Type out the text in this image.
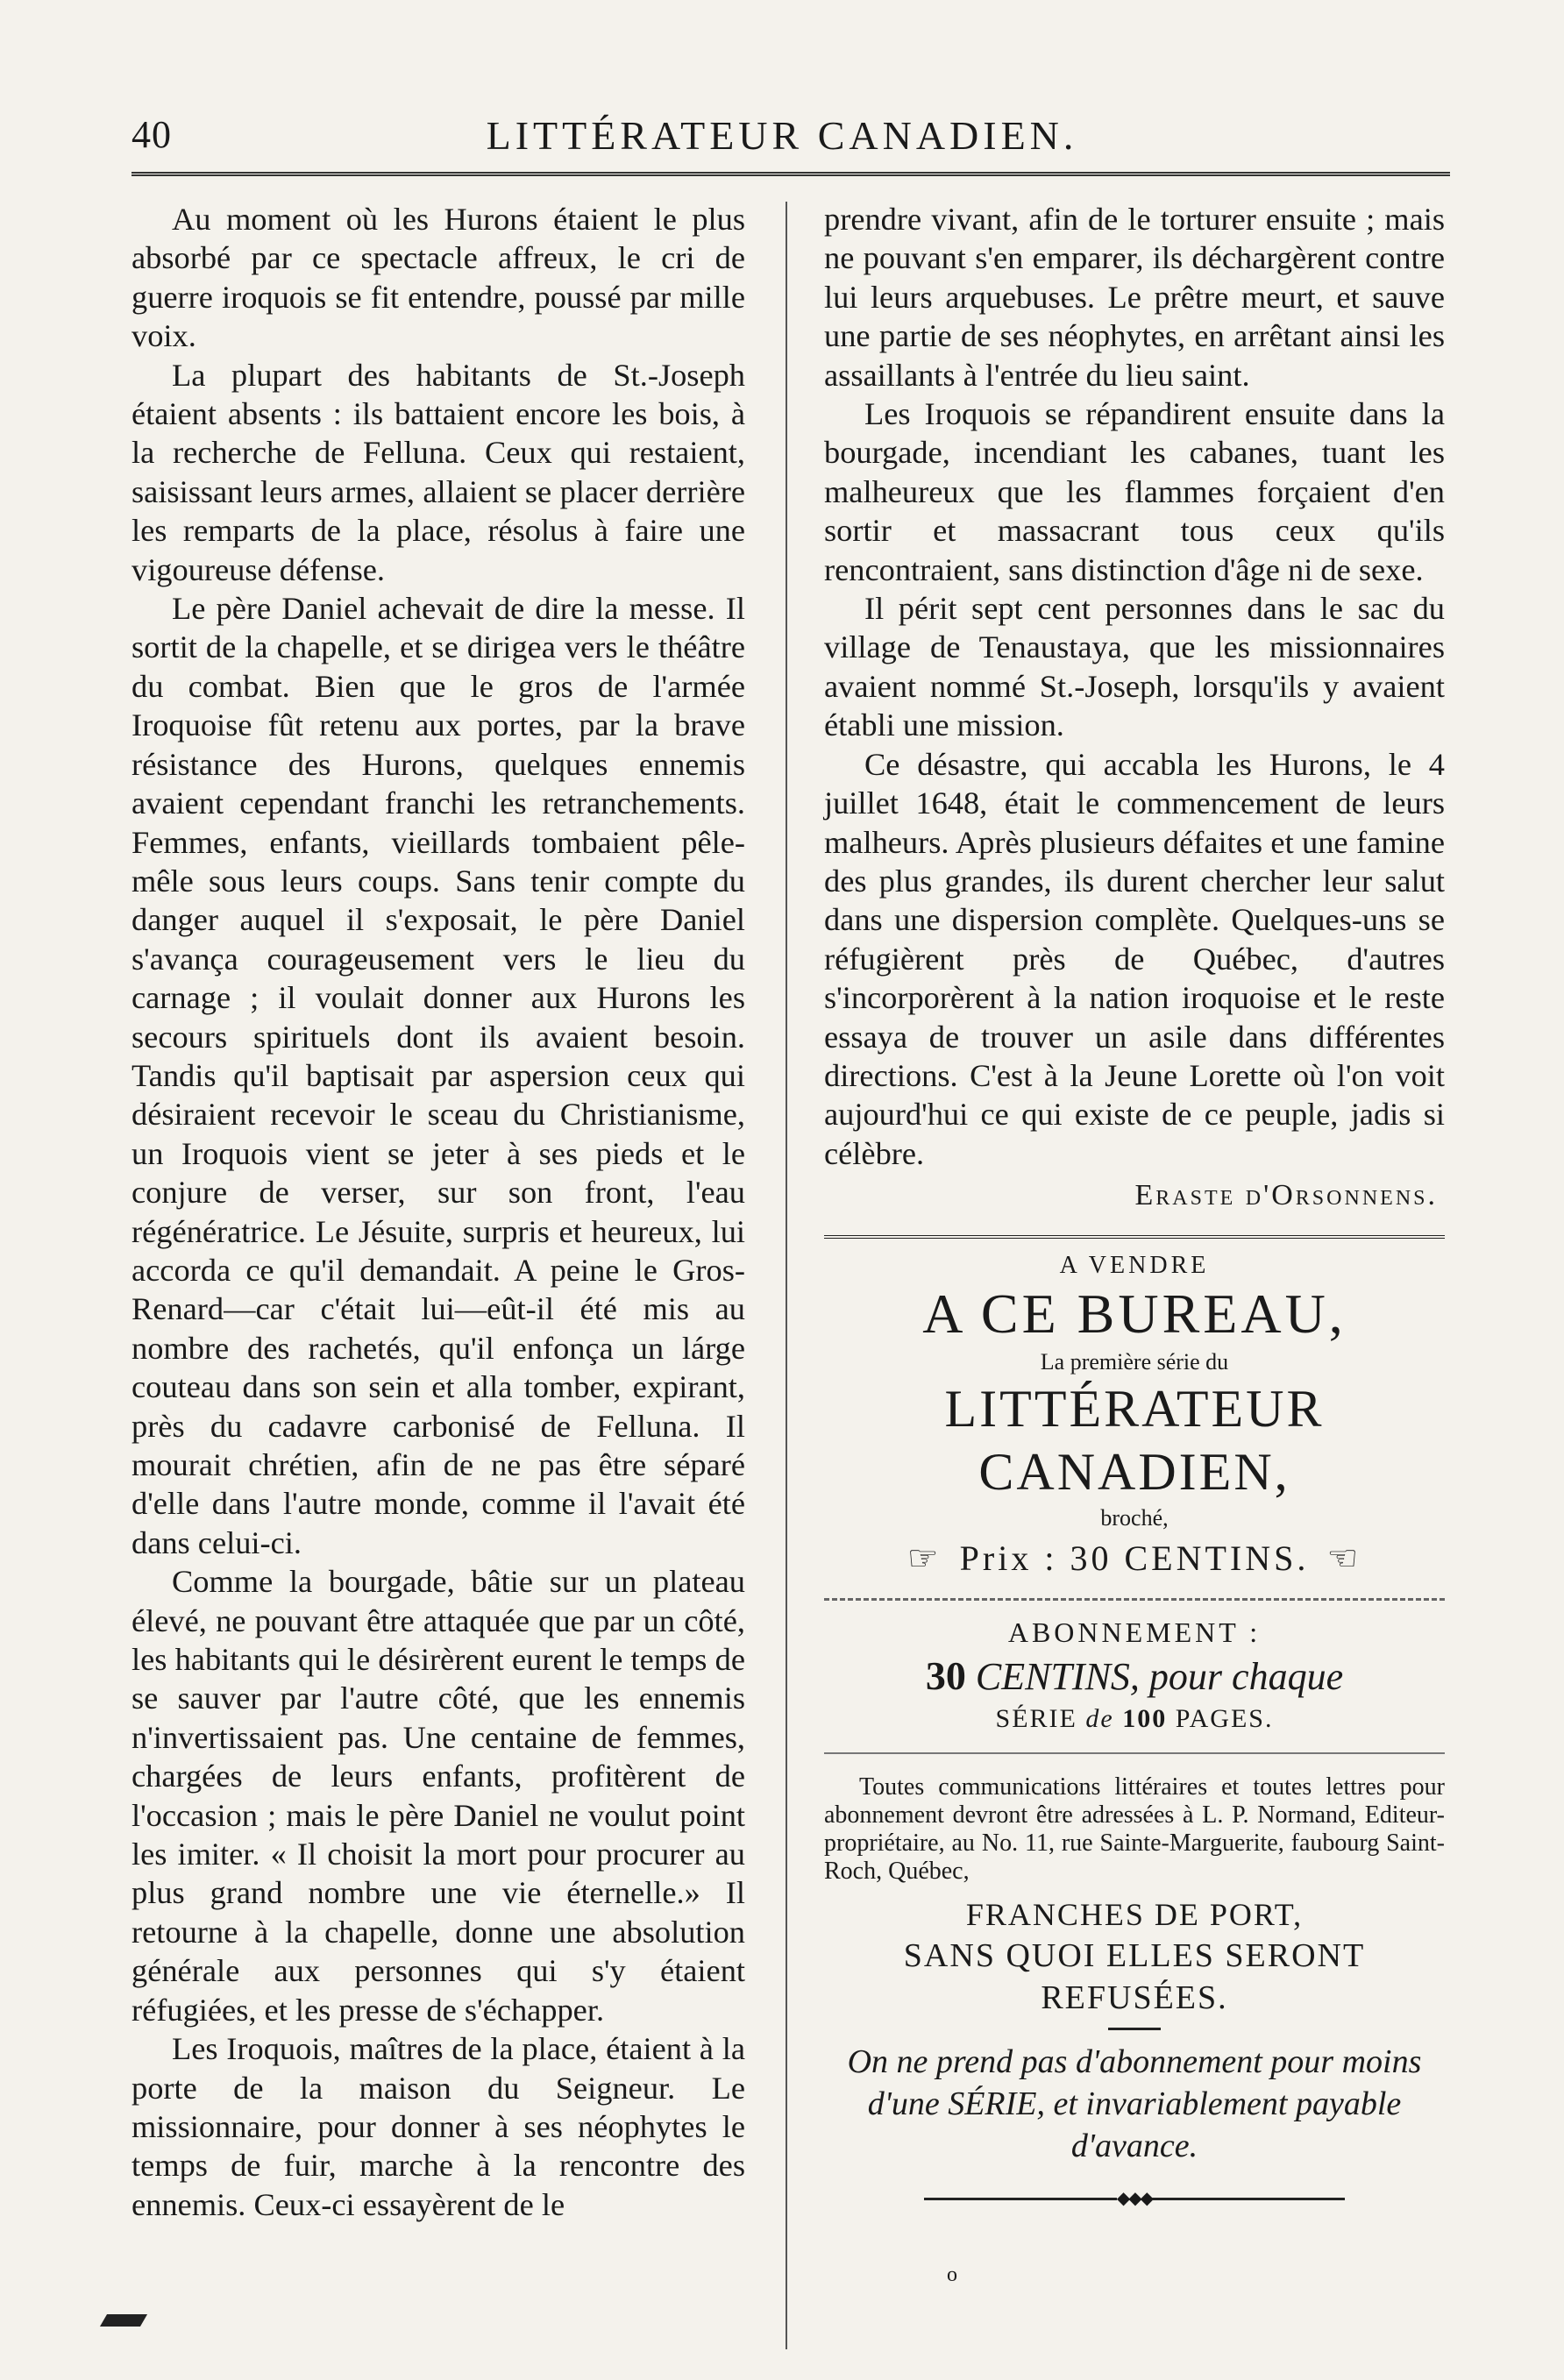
40	LITTÉRATEUR CANADIEN.

Au moment où les Hurons étaient le plus absorbé par ce spectacle affreux, le cri de guerre iroquois se fit entendre, poussé par mille voix.

La plupart des habitants de St.-Joseph étaient absents : ils battaient encore les bois, à la recherche de Felluna. Ceux qui restaient, saisissant leurs armes, allaient se placer derrière les remparts de la place, résolus à faire une vigoureuse défense.

Le père Daniel achevait de dire la messe. Il sortit de la chapelle, et se dirigea vers le théâtre du combat. Bien que le gros de l'armée Iroquoise fût retenu aux portes, par la brave résistance des Hurons, quelques ennemis avaient cependant franchi les retranchements. Femmes, enfants, vieillards tombaient pêle-mêle sous leurs coups. Sans tenir compte du danger auquel il s'exposait, le père Daniel s'avança courageusement vers le lieu du carnage ; il voulait donner aux Hurons les secours spirituels dont ils avaient besoin. Tandis qu'il baptisait par aspersion ceux qui désiraient recevoir le sceau du Christianisme, un Iroquois vient se jeter à ses pieds et le conjure de verser, sur son front, l'eau régénératrice. Le Jésuite, surpris et heureux, lui accorda ce qu'il demandait. A peine le Gros-Renard—car c'était lui—eût-il été mis au nombre des rachetés, qu'il enfonça un lárge couteau dans son sein et alla tomber, expirant, près du cadavre carbonisé de Felluna. Il mourait chrétien, afin de ne pas être séparé d'elle dans l'autre monde, comme il l'avait été dans celui-ci.

Comme la bourgade, bâtie sur un plateau élevé, ne pouvant être attaquée que par un côté, les habitants qui le désirèrent eurent le temps de se sauver par l'autre côté, que les ennemis n'invertissaient pas. Une centaine de femmes, chargées de leurs enfants, profitèrent de l'occasion ; mais le père Daniel ne voulut point les imiter. « Il choisit la mort pour procurer au plus grand nombre une vie éternelle.» Il retourne à la chapelle, donne une absolution générale aux personnes qui s'y étaient réfugiées, et les presse de s'échapper.

Les Iroquois, maîtres de la place, étaient à la porte de la maison du Seigneur. Le missionnaire, pour donner à ses néophytes le temps de fuir, marche à la rencontre des ennemis. Ceux-ci essayèrent de le

prendre vivant, afin de le torturer ensuite ; mais ne pouvant s'en emparer, ils déchargèrent contre lui leurs arquebuses. Le prêtre meurt, et sauve une partie de ses néophytes, en arrêtant ainsi les assaillants à l'entrée du lieu saint.

Les Iroquois se répandirent ensuite dans la bourgade, incendiant les cabanes, tuant les malheureux que les flammes forçaient d'en sortir et massacrant tous ceux qu'ils rencontraient, sans distinction d'âge ni de sexe.

Il périt sept cent personnes dans le sac du village de Tenaustaya, que les missionnaires avaient nommé St.-Joseph, lorsqu'ils y avaient établi une mission.

Ce désastre, qui accabla les Hurons, le 4 juillet 1648, était le commencement de leurs malheurs. Après plusieurs défaites et une famine des plus grandes, ils durent chercher leur salut dans une dispersion complète. Quelques-uns se réfugièrent près de Québec, d'autres s'incorporèrent à la nation iroquoise et le reste essaya de trouver un asile dans différentes directions. C'est à la Jeune Lorette où l'on voit aujourd'hui ce qui existe de ce peuple, jadis si célèbre.

Eraste d'Orsonnens.
A VENDRE
A CE BUREAU,
La première série du
LITTÉRATEUR CANADIEN,
broché,
☞ Prix : 30 CENTINS. ☜
ABONNEMENT :
30 CENTINS, pour chaque
SÉRIE de 100 PAGES.
Toutes communications littéraires et toutes lettres pour abonnement devront être adressées à L. P. Normand, Editeur-propriétaire, au No. 11, rue Sainte-Marguerite, faubourg Saint-Roch, Québec,
FRANCHES DE PORT,
SANS QUOI ELLES SERONT
REFUSÉES.
On ne prend pas d'abonnement pour moins d'une SÉRIE, et invariablement payable d'avance.
◆◆◆
o
